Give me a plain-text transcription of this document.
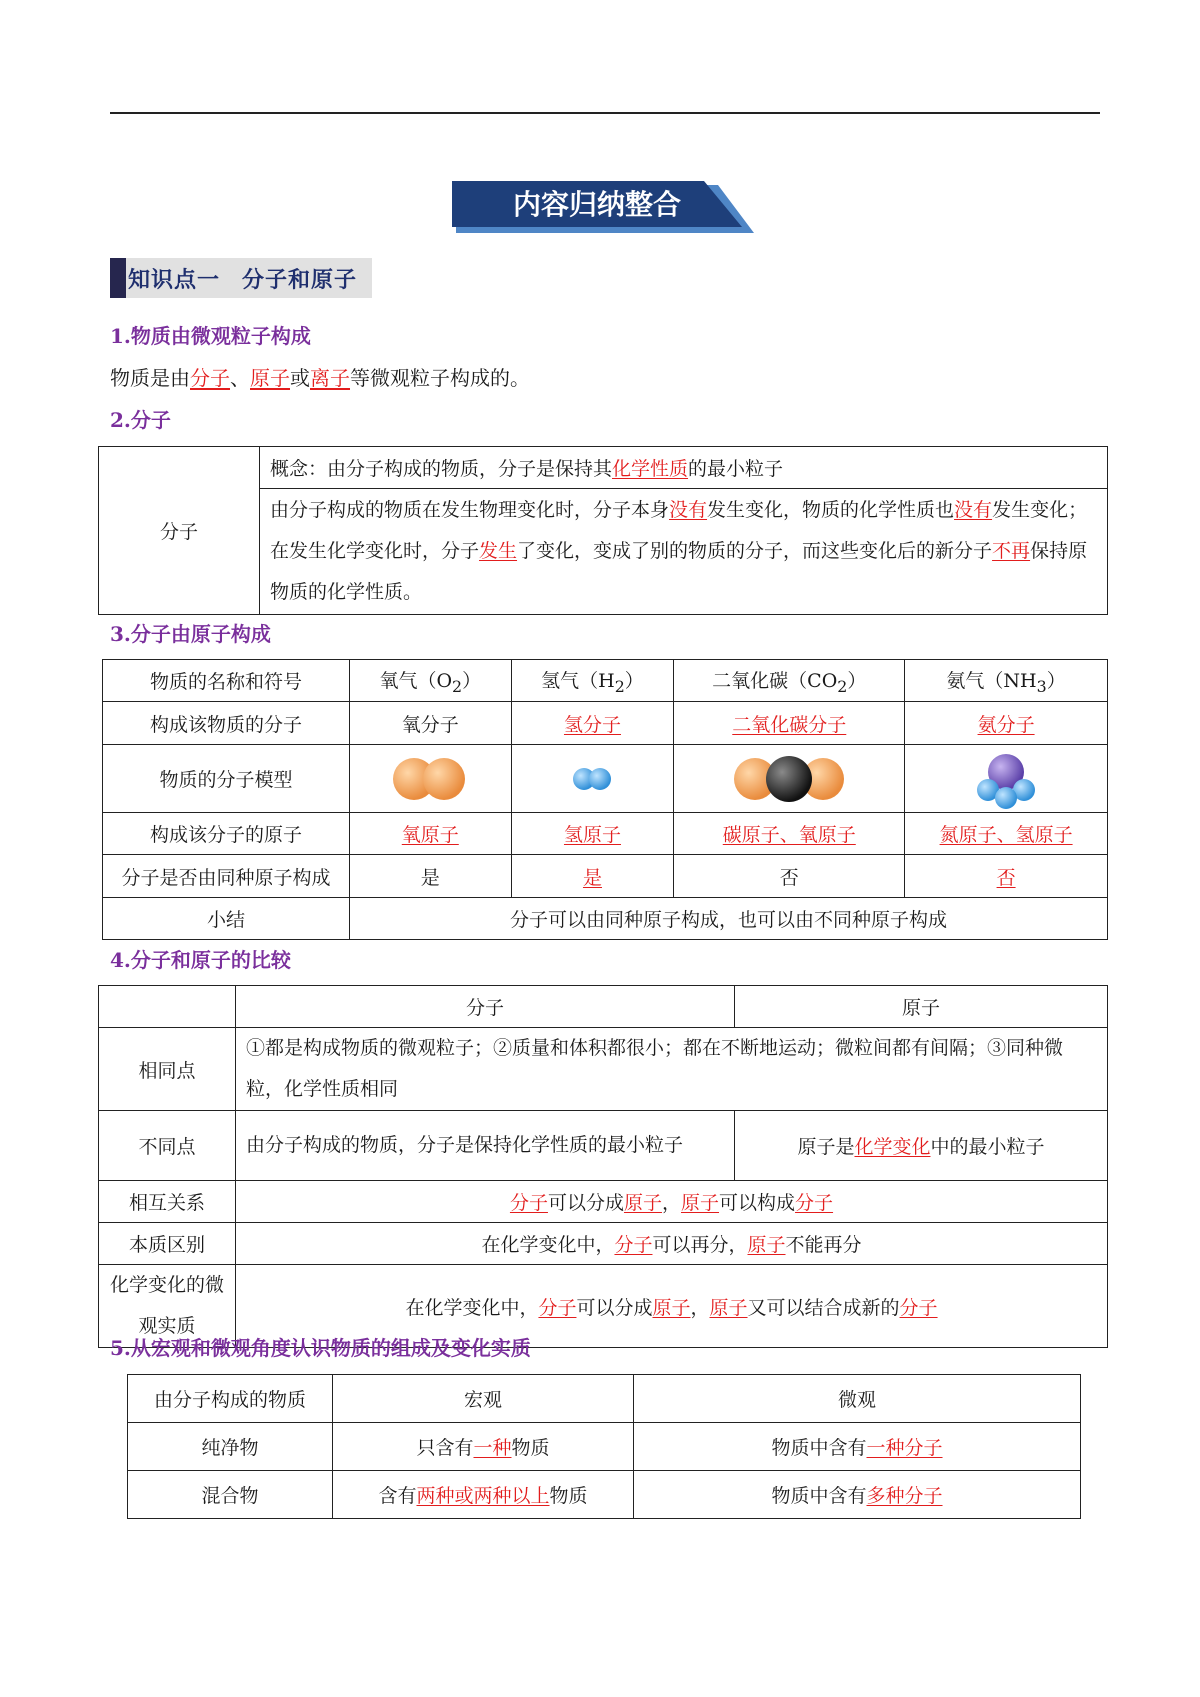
内容归纳整合
知识点一 分子和原子
1.物质由微观粒子构成
物质是由分子、原子或离子等微观粒子构成的。
2.分子
分子	概念：由分子构成的物质，分子是保持其化学性质的最小粒子
由分子构成的物质在发生物理变化时，分子本身没有发生变化，物质的化学性质也没有发生变化；在发生化学变化时，分子发生了变化，变成了别的物质的分子，而这些变化后的新分子不再保持原物质的化学性质。
3.分子由原子构成
物质的名称和符号	氧气$(O_2)$	氢气$(H_2)$	二氧化碳$(CO_2)$	氨气$(NH_3)$
构成该物质的分子	氧分子	氢分子	二氧化碳分子	氨分子
物质的分子模型	

构成该分子的原子	氧原子	氢原子	碳原子、氧原子	氮原子、氢原子
分子是否由同种原子构成	是	是	否	否
小结	分子可以由同种原子构成，也可以由不同种原子构成			
4.分子和原子的比较
	分子	原子
相同点	①都是构成物质的微观粒子；②质量和体积都很小；都在不断地运动；微粒间都有间隔；③同种微粒，化学性质相同	
不同点	由分子构成的物质，分子是保持化学性质的最小粒子	原子是化学变化中的最小粒子
相互关系	分子可以分成原子，原子可以构成分子	
本质区别	在化学变化中，分子可以再分，原子不能再分	
化学变化的微观实质	在化学变化中，分子可以分成原子，原子又可以结合成新的分子	
5.从宏观和微观角度认识物质的组成及变化实质
由分子构成的物质	宏观	微观
纯净物	只含有一种物质	物质中含有一种分子
混合物	含有两种或两种以上物质	物质中含有多种分子
